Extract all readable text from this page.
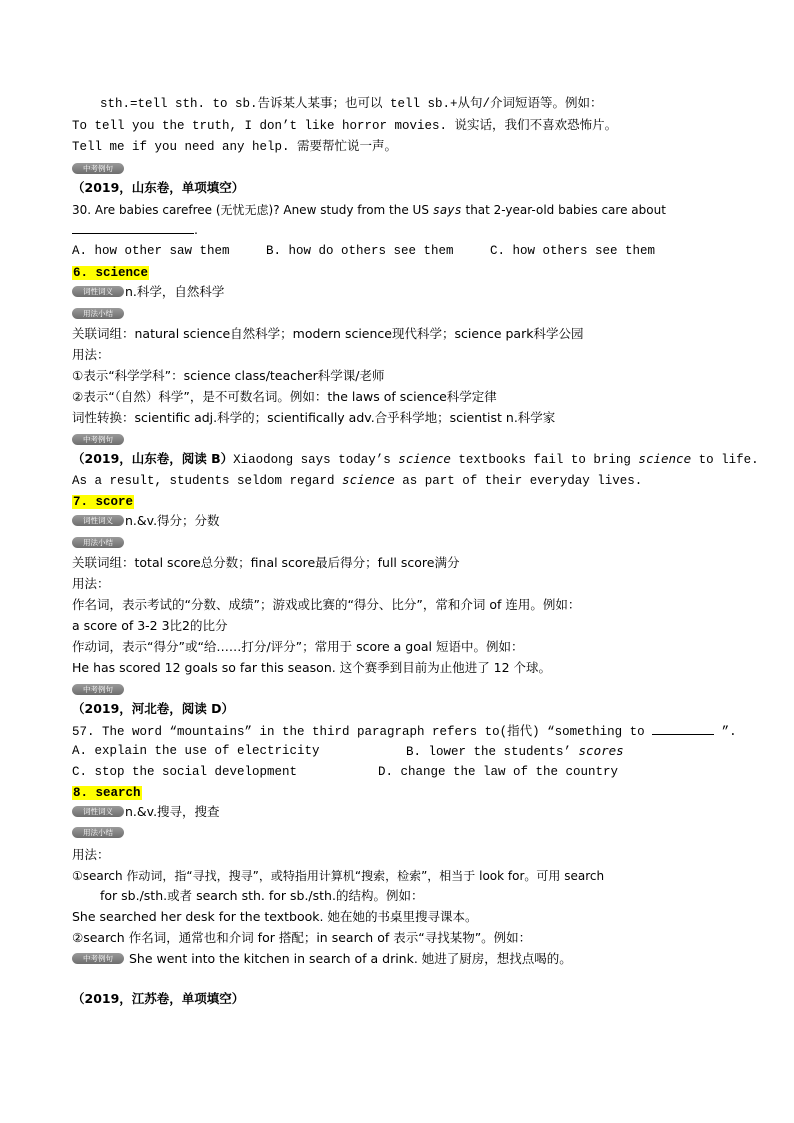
sth.=tell sth. to sb.告诉某人某事；也可以 tell sb.+从句/介词短语等。例如：
To tell you the truth, I don’t like horror movies. 说实话，我们不喜欢恐怖片。
Tell me if you need any help. 需要帮忙说一声。
中考例句
（2019，山东卷，单项填空）
30. Are babies carefree (无忧无虑)? Anew study from the US says that 2-year-old babies care about
.
A. how other saw them	B. how do others see them	C. how others see them
6. science
词性词义 n.科学，自然科学
用法小结
关联词组：natural science自然科学；modern science现代科学；science park科学公园
用法：
①表示“科学学科”：science class/teacher科学课/老师
②表示“（自然）科学”，是不可数名词。例如：the laws of science科学定律
词性转换：scientific adj.科学的；scientifically adv.合乎科学地；scientist n.科学家
中考例句
（2019，山东卷，阅读 B）Xiaodong says today’s science textbooks fail to bring science to life.
As a result, students seldom regard science as part of their everyday lives.
7. score
词性词义 n.&v.得分；分数
用法小结
关联词组：total score总分数；final score最后得分；full score满分
用法：
作名词，表示考试的“分数、成绩”；游戏或比赛的“得分、比分”，常和介词 of 连用。例如：
a score of 3-2 3比2的比分
作动词，表示“得分”或“给……打分/评分”；常用于 score a goal 短语中。例如：
He has scored 12 goals so far this season. 这个赛季到目前为止他进了 12 个球。
中考例句
（2019，河北卷，阅读 D）
57. The word “mountains” in the third paragraph refers to(指代) “something to	”.
A. explain the use of electricity	B. lower the students’ scores
C. stop the social development	D. change the law of the country
8. search
词性词义 n.&v.搜寻，搜查
用法小结
用法：
①search 作动词，指“寻找，搜寻”，或特指用计算机“搜索，检索”，相当于 look for。可用 search
for sb./sth.或者 search sth. for sb./sth.的结构。例如：
She searched her desk for the textbook. 她在她的书桌里搜寻课本。
②search 作名词，通常也和介词 for 搭配；in search of 表示“寻找某物”。例如：
中考例句 She went into the kitchen in search of a drink. 她进了厨房，想找点喝的。
（2019，江苏卷，单项填空）
